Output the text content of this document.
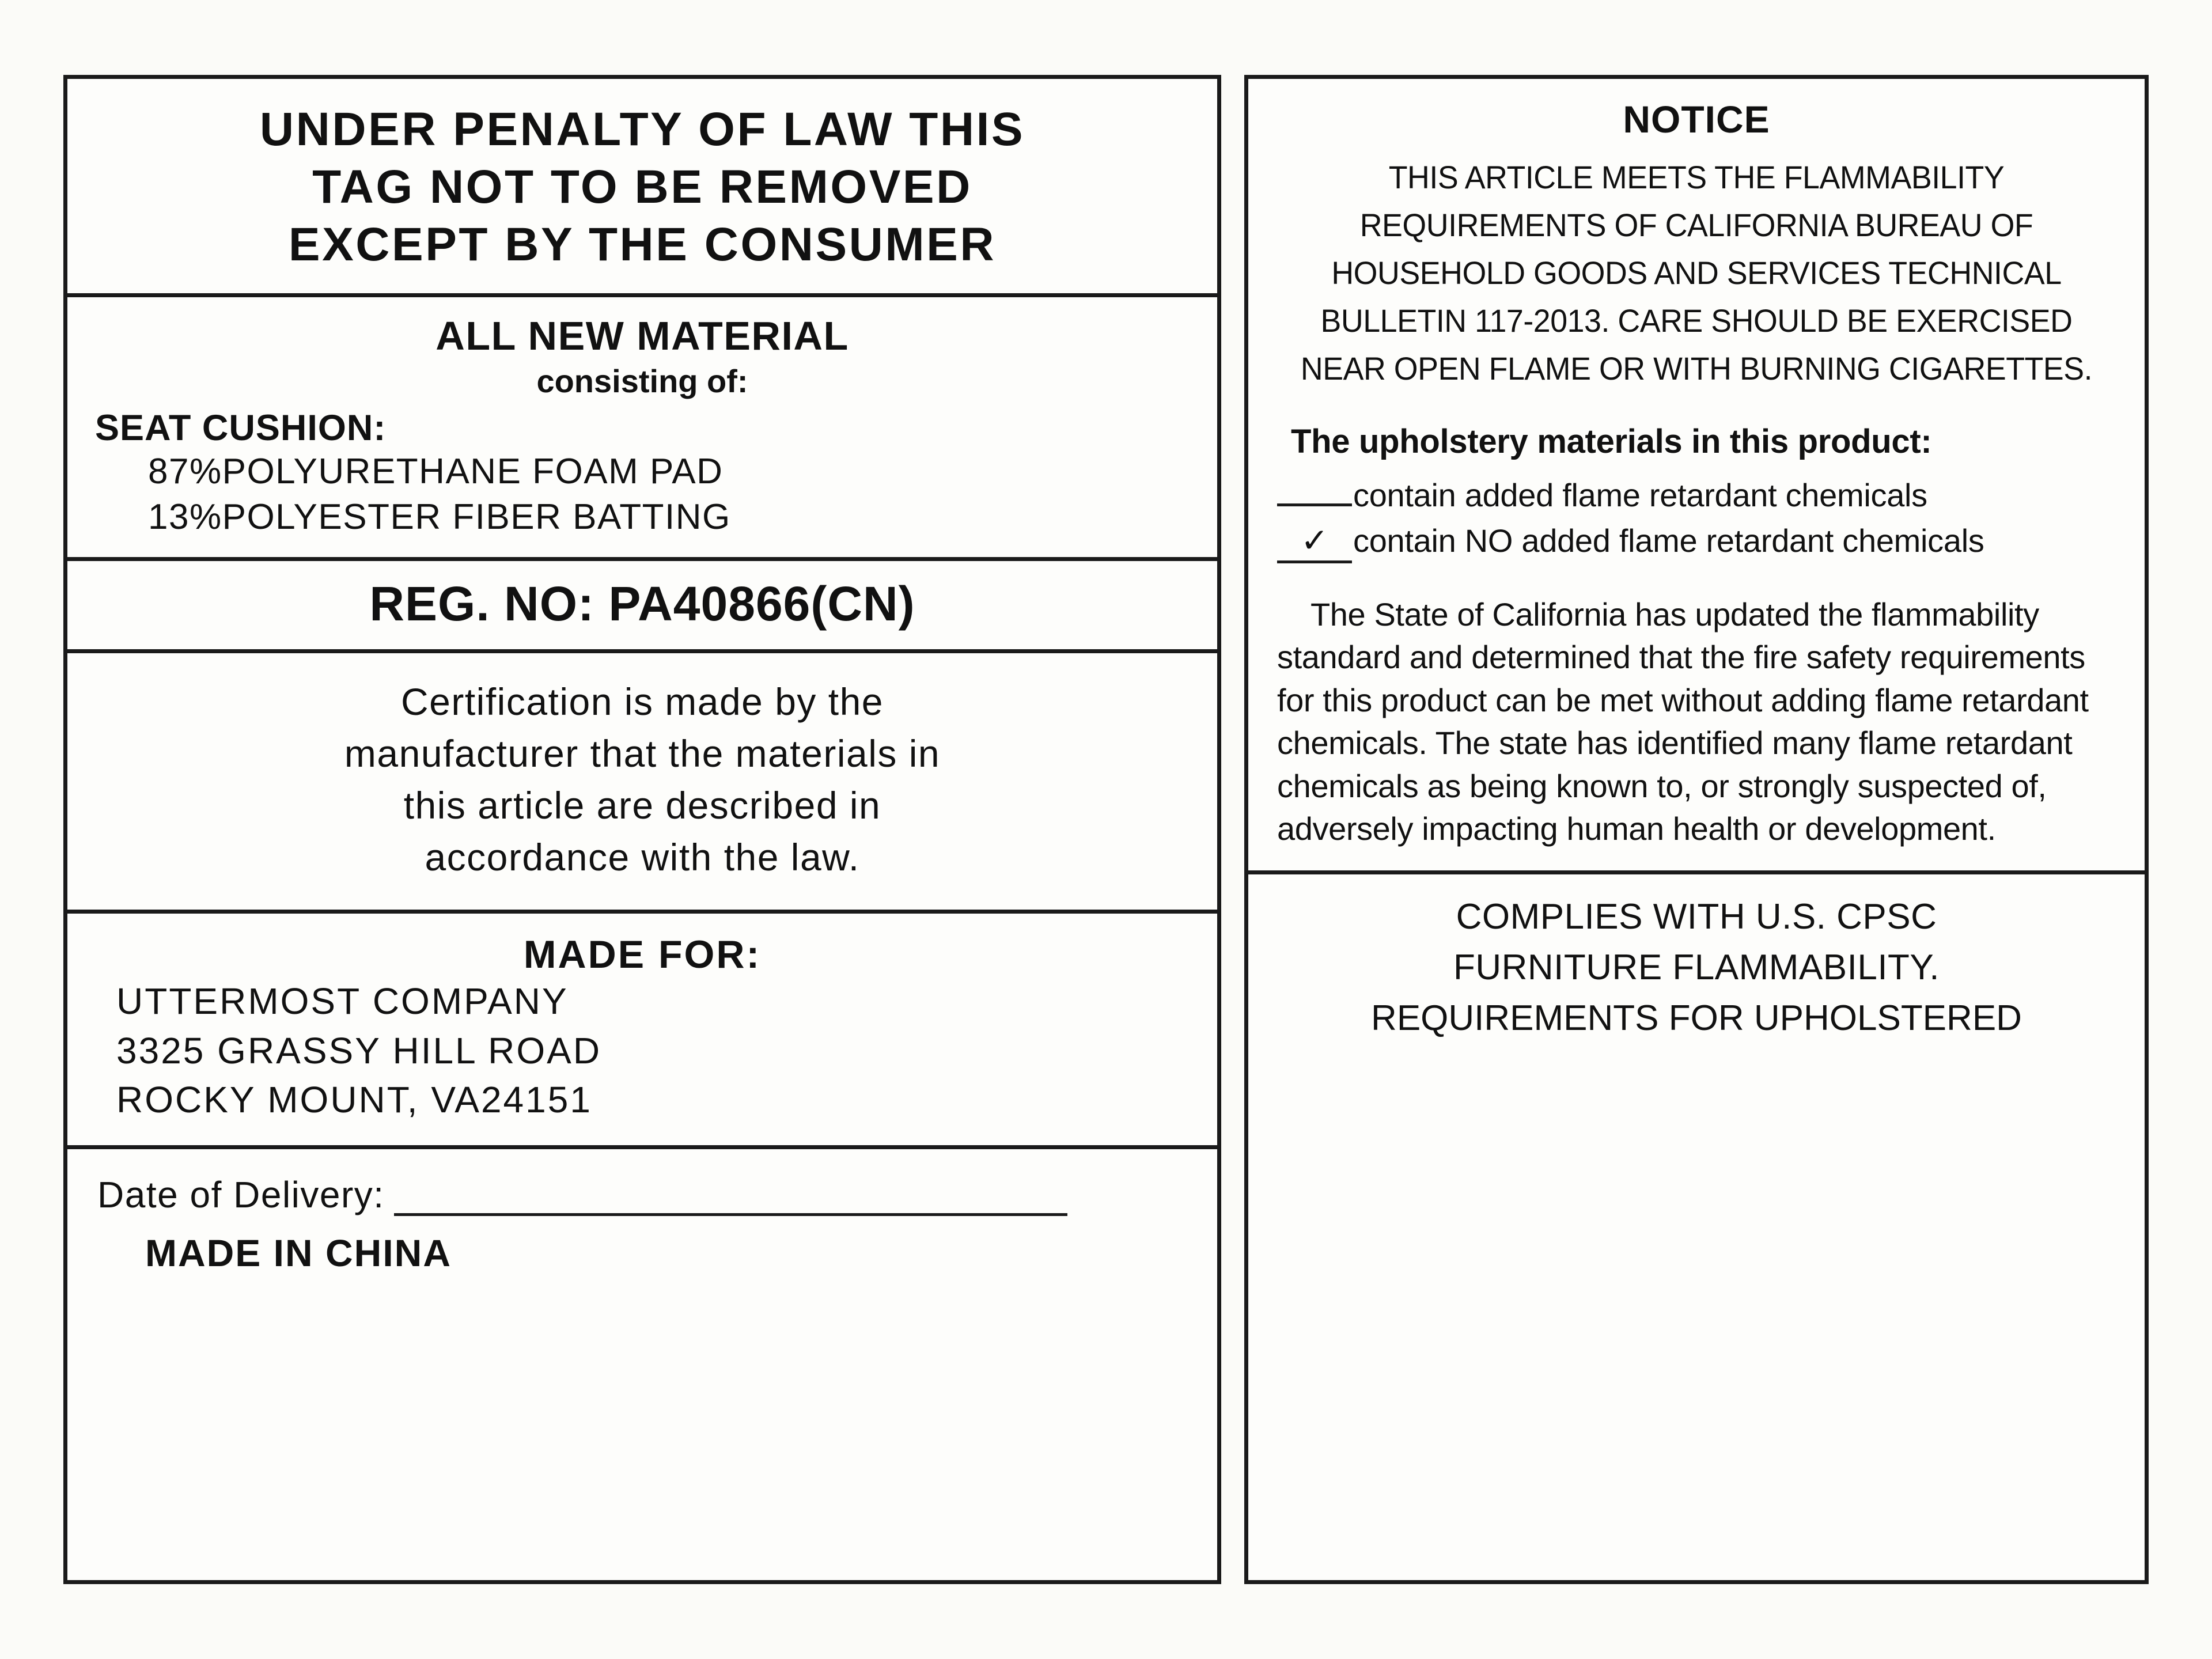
UNDER PENALTY OF LAW THIS
TAG NOT TO BE REMOVED
EXCEPT BY THE CONSUMER
ALL NEW MATERIAL
consisting of:
SEAT CUSHION:
87%POLYURETHANE FOAM PAD
13%POLYESTER FIBER BATTING
REG. NO: PA40866(CN)
Certification is made by the
manufacturer that the materials in
this article are described in
accordance with the law.
MADE FOR:
UTTERMOST COMPANY
3325 GRASSY HILL ROAD
ROCKY MOUNT, VA24151
Date of Delivery:
MADE IN CHINA
NOTICE
THIS ARTICLE MEETS THE FLAMMABILITY
REQUIREMENTS OF CALIFORNIA BUREAU OF
HOUSEHOLD GOODS AND SERVICES TECHNICAL
BULLETIN 117-2013. CARE SHOULD BE EXERCISED
NEAR OPEN FLAME OR WITH BURNING CIGARETTES.
The upholstery materials in this product:
contain added flame retardant chemicals
✓ contain NO added flame retardant chemicals
The State of California has updated the flammability standard and determined that the fire safety requirements for this product can be met without adding flame retardant chemicals. The state has identified many flame retardant chemicals as being known to, or strongly suspected of, adversely impacting human health or development.
COMPLIES WITH U.S. CPSC
FURNITURE FLAMMABILITY.
REQUIREMENTS FOR UPHOLSTERED
